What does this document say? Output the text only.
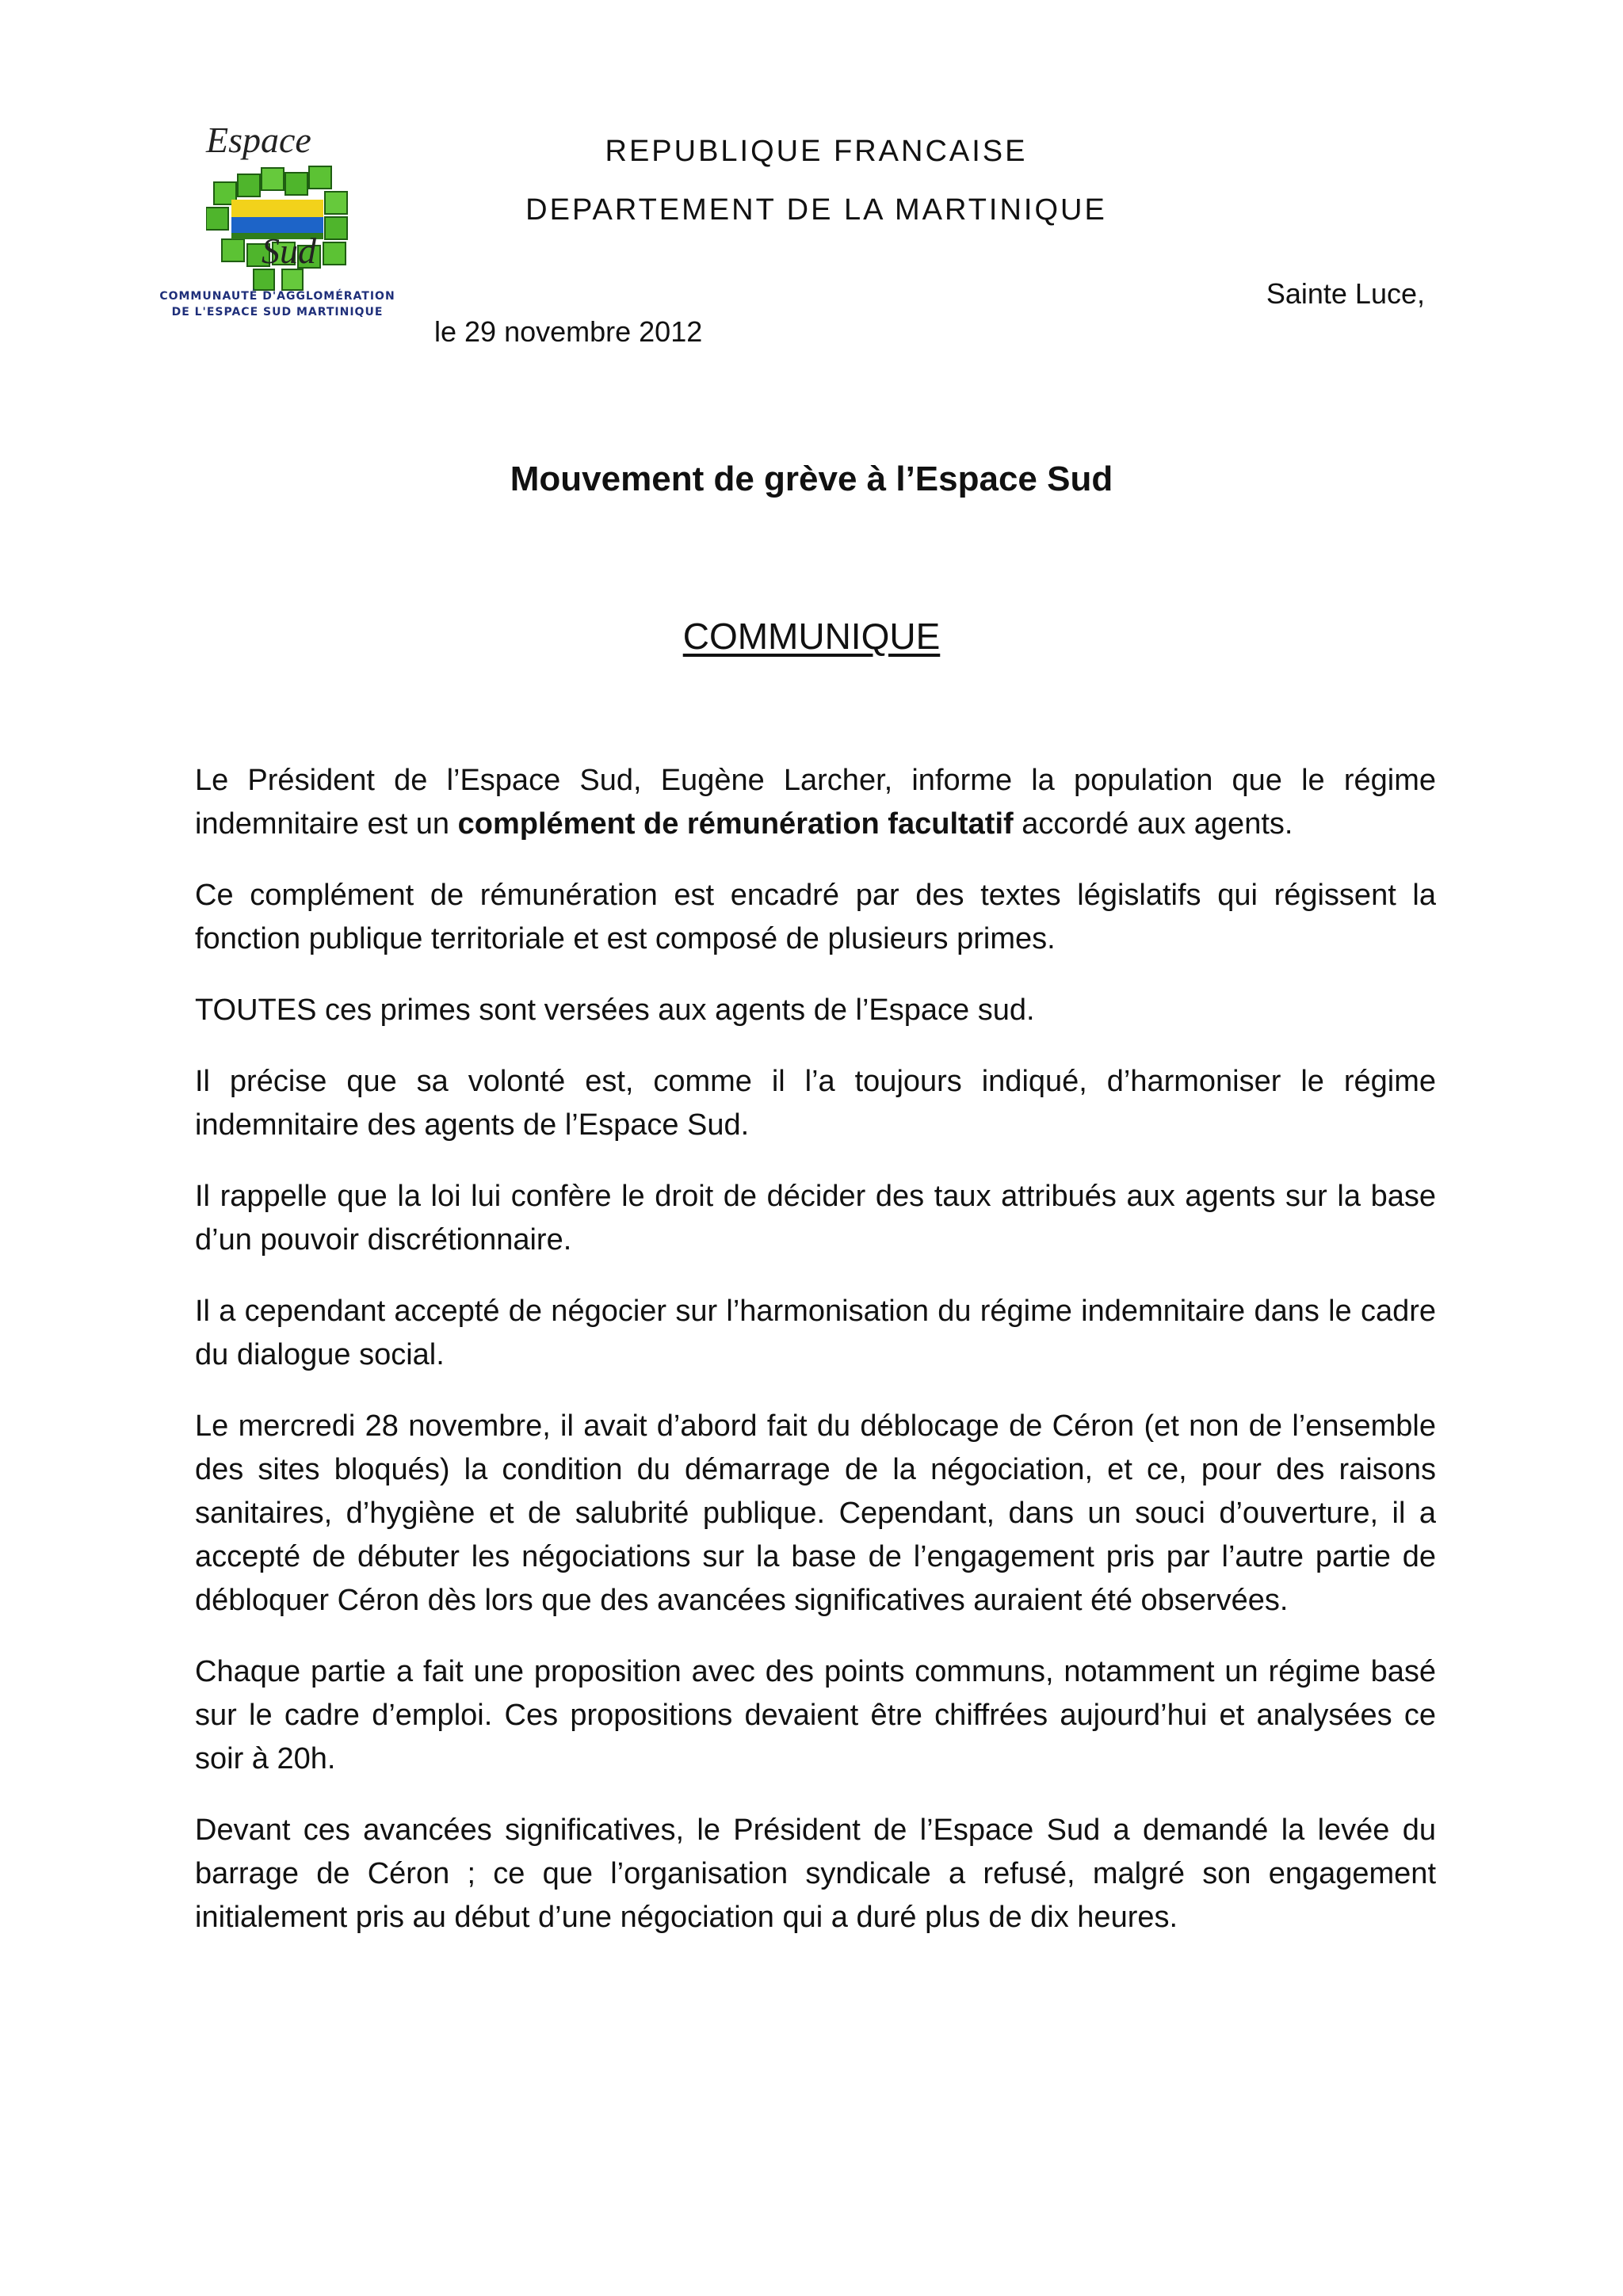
Espace
Sud
COMMUNAUTÉ D'AGGLOMÉRATION
DE L'ESPACE SUD MARTINIQUE
REPUBLIQUE FRANCAISE
DEPARTEMENT DE LA MARTINIQUE
Sainte Luce,
le 29 novembre 2012
Mouvement de grève à l’Espace Sud
COMMUNIQUE

Le Président de l’Espace Sud, Eugène Larcher, informe la population que le régime indemnitaire est un complément de rémunération facultatif accordé aux agents.

Ce complément de rémunération est encadré par des textes législatifs qui régissent la fonction publique territoriale et est composé de plusieurs primes.

TOUTES ces primes sont versées aux agents de l’Espace sud.

Il précise que sa volonté est, comme il l’a toujours indiqué, d’harmoniser le régime indemnitaire des agents de l’Espace Sud.

Il rappelle que la loi lui confère le droit de décider des taux attribués aux agents sur la base d’un pouvoir discrétionnaire.

Il a cependant accepté de négocier sur l’harmonisation du régime indemnitaire dans le cadre du dialogue social.

Le mercredi 28 novembre, il avait d’abord fait du déblocage de Céron (et non de l’ensemble des sites bloqués) la condition du démarrage de la négociation, et ce, pour des raisons sanitaires, d’hygiène et de salubrité publique. Cependant, dans un souci d’ouverture, il a accepté de débuter les négociations sur la base de l’engagement pris par l’autre partie de débloquer Céron dès lors que des avancées significatives auraient été observées.

Chaque partie a fait une proposition avec des points communs, notamment un régime basé sur le cadre d’emploi. Ces propositions devaient être chiffrées aujourd’hui et analysées ce soir à 20h.

Devant ces avancées significatives, le Président de l’Espace Sud a demandé la levée du barrage de Céron ; ce que l’organisation syndicale a refusé, malgré son engagement initialement pris au début d’une négociation qui a duré plus de dix heures.
